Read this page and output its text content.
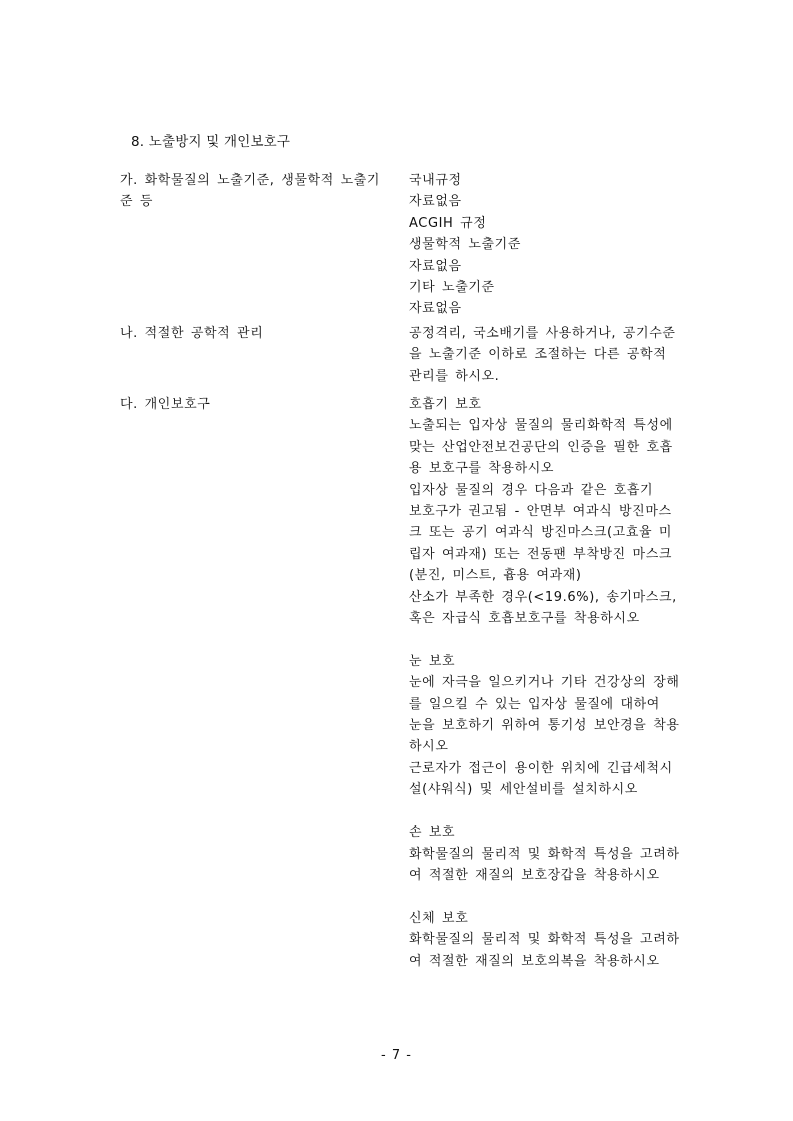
8. 노출방지 및 개인보호구
가. 화학물질의 노출기준, 생물학적 노출기
준 등
국내규정
자료없음
ACGIH 규정
생물학적 노출기준
자료없음
기타 노출기준
자료없음
나. 적절한 공학적 관리	공정격리, 국소배기를 사용하거나, 공기수준
을 노출기준 이하로 조절하는 다른 공학적
관리를 하시오.
다. 개인보호구	호흡기 보호
노출되는 입자상 물질의 물리화학적 특성에
맞는 산업안전보건공단의 인증을 필한 호흡
용 보호구를 착용하시오
입자상 물질의 경우 다음과 같은 호흡기
보호구가 권고됨 - 안면부 여과식 방진마스
크 또는 공기 여과식 방진마스크(고효율 미
립자 여과재) 또는 전동팬 부착방진 마스크
(분진, 미스트, 흄용 여과재)
산소가 부족한 경우(<19.6%), 송기마스크,
혹은 자급식 호흡보호구를 착용하시오
눈 보호
눈에 자극을 일으키거나 기타 건강상의 장해
를 일으킬 수 있는 입자상 물질에 대하여
눈을 보호하기 위하여 통기성 보안경을 착용
하시오
근로자가 접근이 용이한 위치에 긴급세척시
설(샤워식) 및 세안설비를 설치하시오
손 보호
화학물질의 물리적 및 화학적 특성을 고려하
여 적절한 재질의 보호장갑을 착용하시오
신체 보호
화학물질의 물리적 및 화학적 특성을 고려하
여 적절한 재질의 보호의복을 착용하시오
- 7 -
